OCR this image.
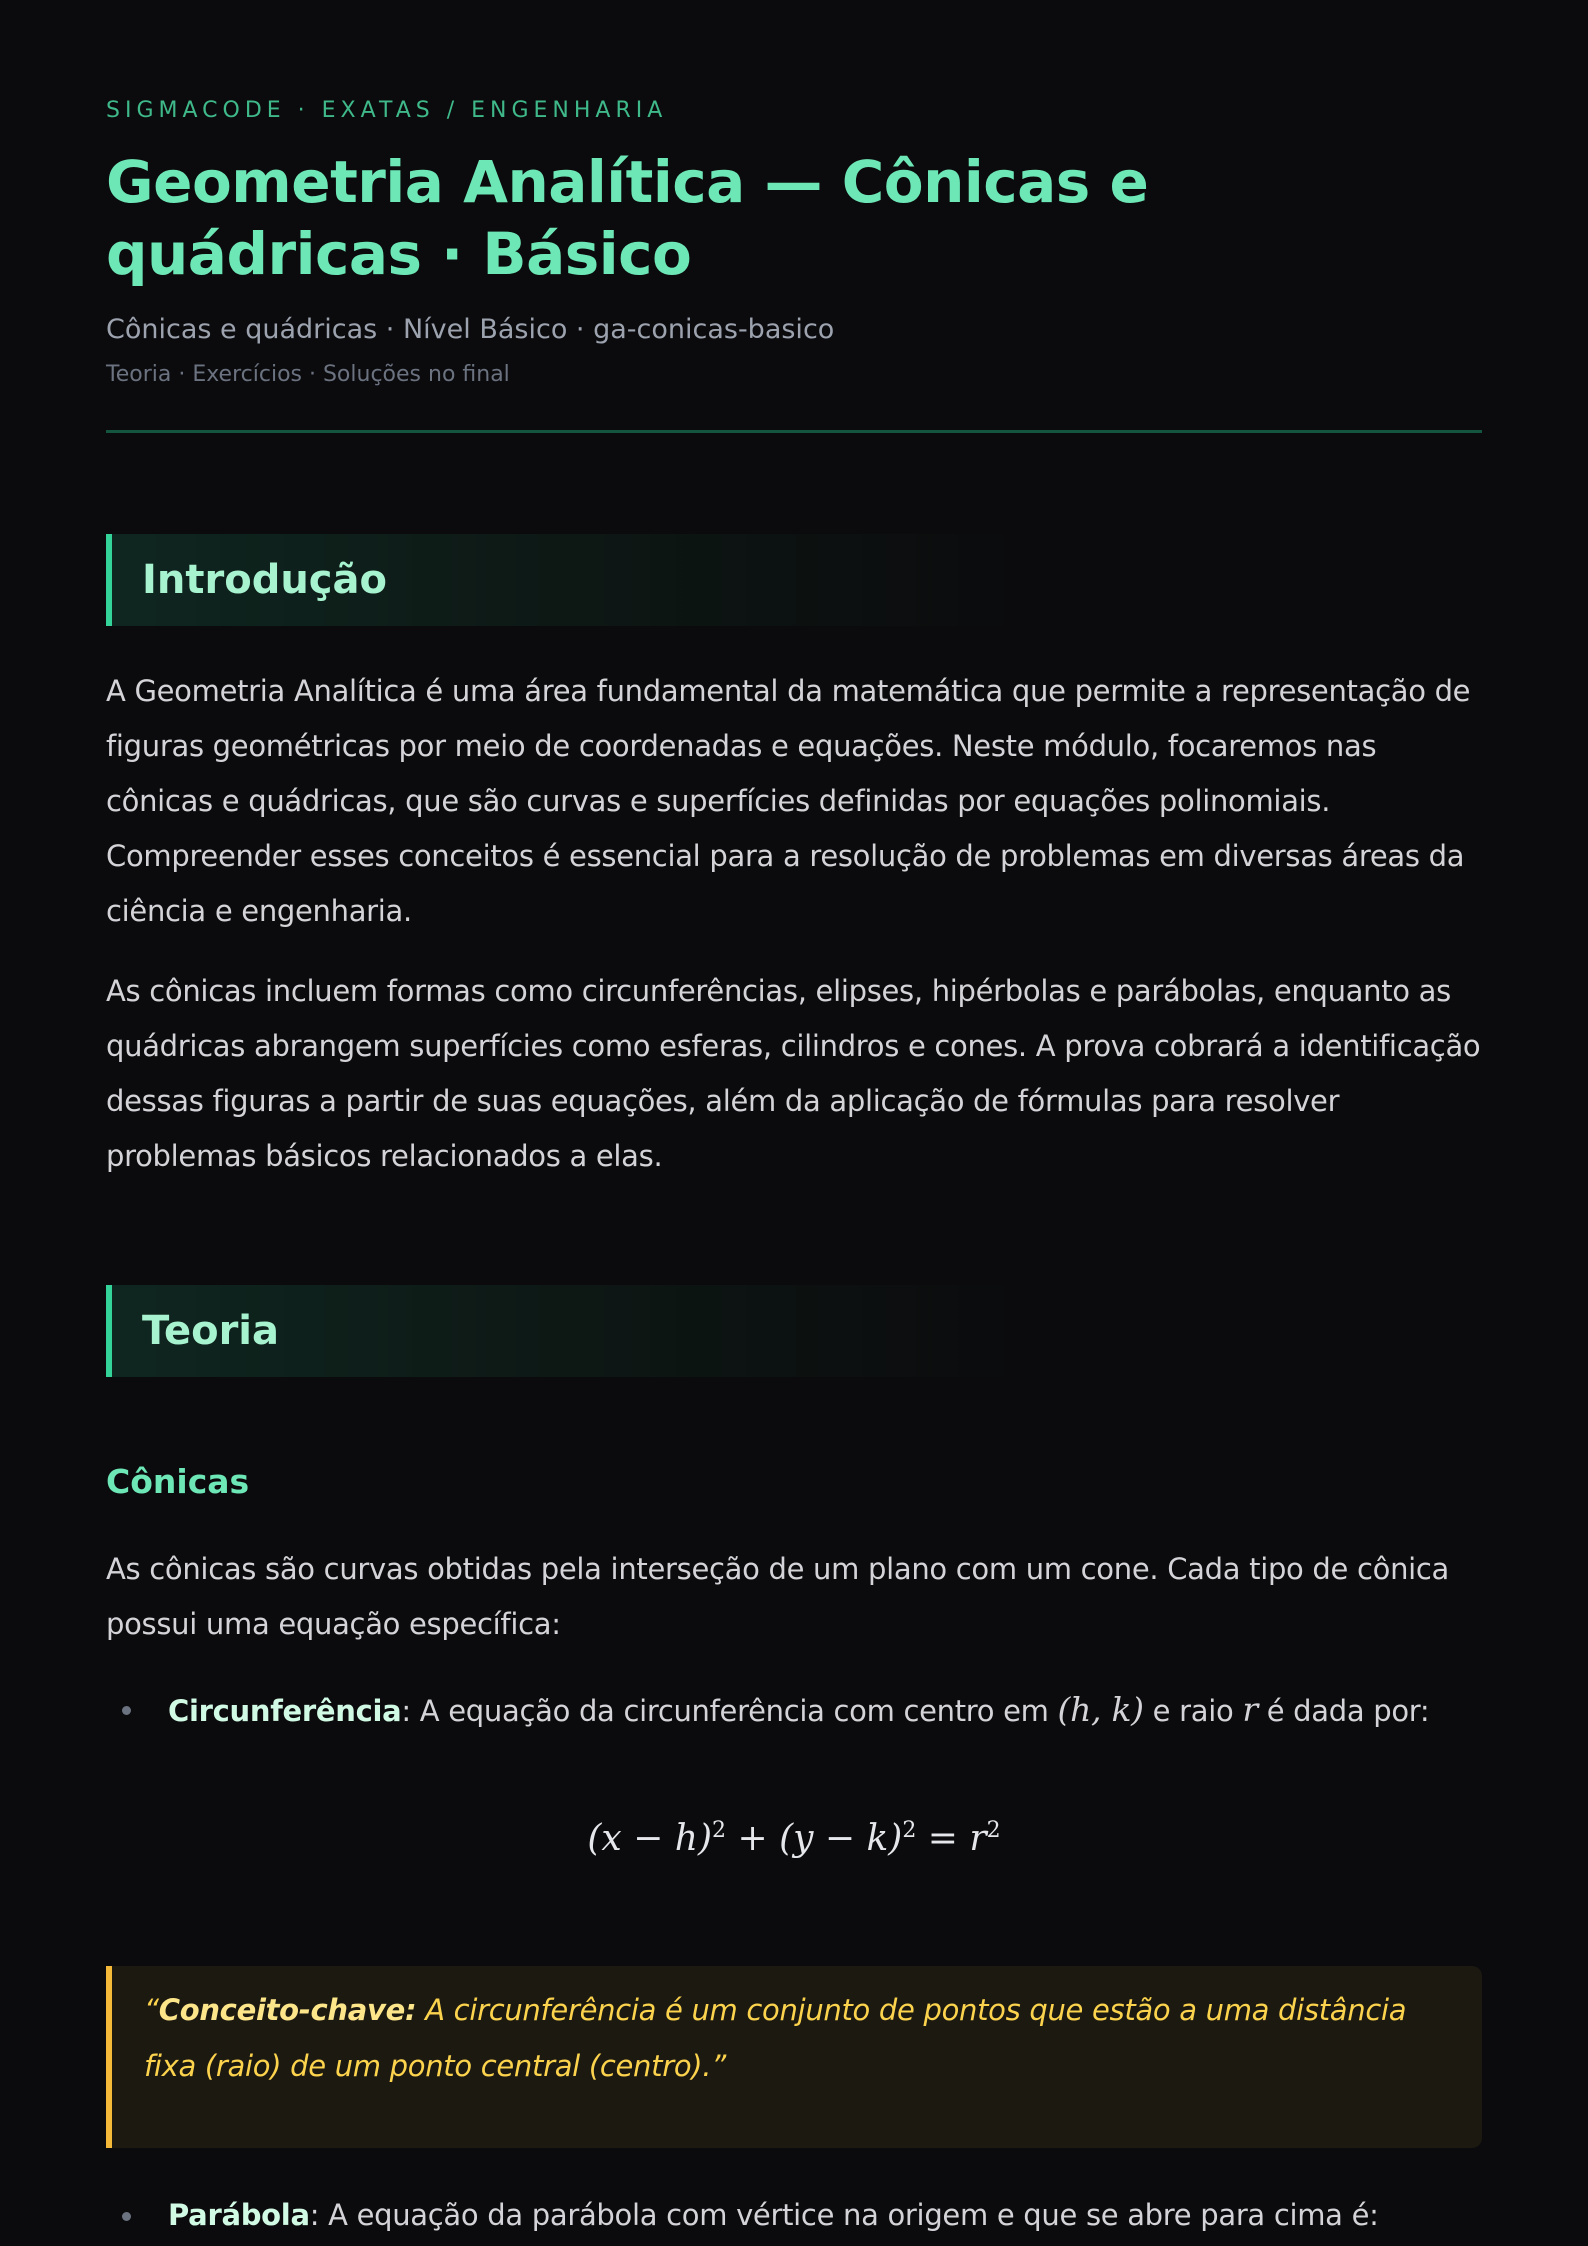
SIGMACODE · EXATAS / ENGENHARIA
Geometria Analítica — Cônicas e quádricas · Básico
Cônicas e quádricas · Nível Básico · ga-conicas-basico
Teoria · Exercícios · Soluções no final
Introdução

A Geometria Analítica é uma área fundamental da matemática que permite a representação de figuras geométricas por meio de coordenadas e equações. Neste módulo, focaremos nas cônicas e quádricas, que são curvas e superfícies definidas por equações polinomiais. Compreender esses conceitos é essencial para a resolução de problemas em diversas áreas da ciência e engenharia.

As cônicas incluem formas como circunferências, elipses, hipérbolas e parábolas, enquanto as quádricas abrangem superfícies como esferas, cilindros e cones. A prova cobrará a identificação dessas figuras a partir de suas equações, além da aplicação de fórmulas para resolver problemas básicos relacionados a elas.

Teoria
Cônicas

As cônicas são curvas obtidas pela interseção de um plano com um cone. Cada tipo de cônica possui uma equação específica:

Circunferência: A equação da circunferência com centro em (h, k) e raio r é dada por:
$(x - h)^2 + (y - k)^2 = r^2$

“Conceito-chave: A circunferência é um conjunto de pontos que estão a uma distância fixa (raio) de um ponto central (centro).”

Parábola: A equação da parábola com vértice na origem e que se abre para cima é:
